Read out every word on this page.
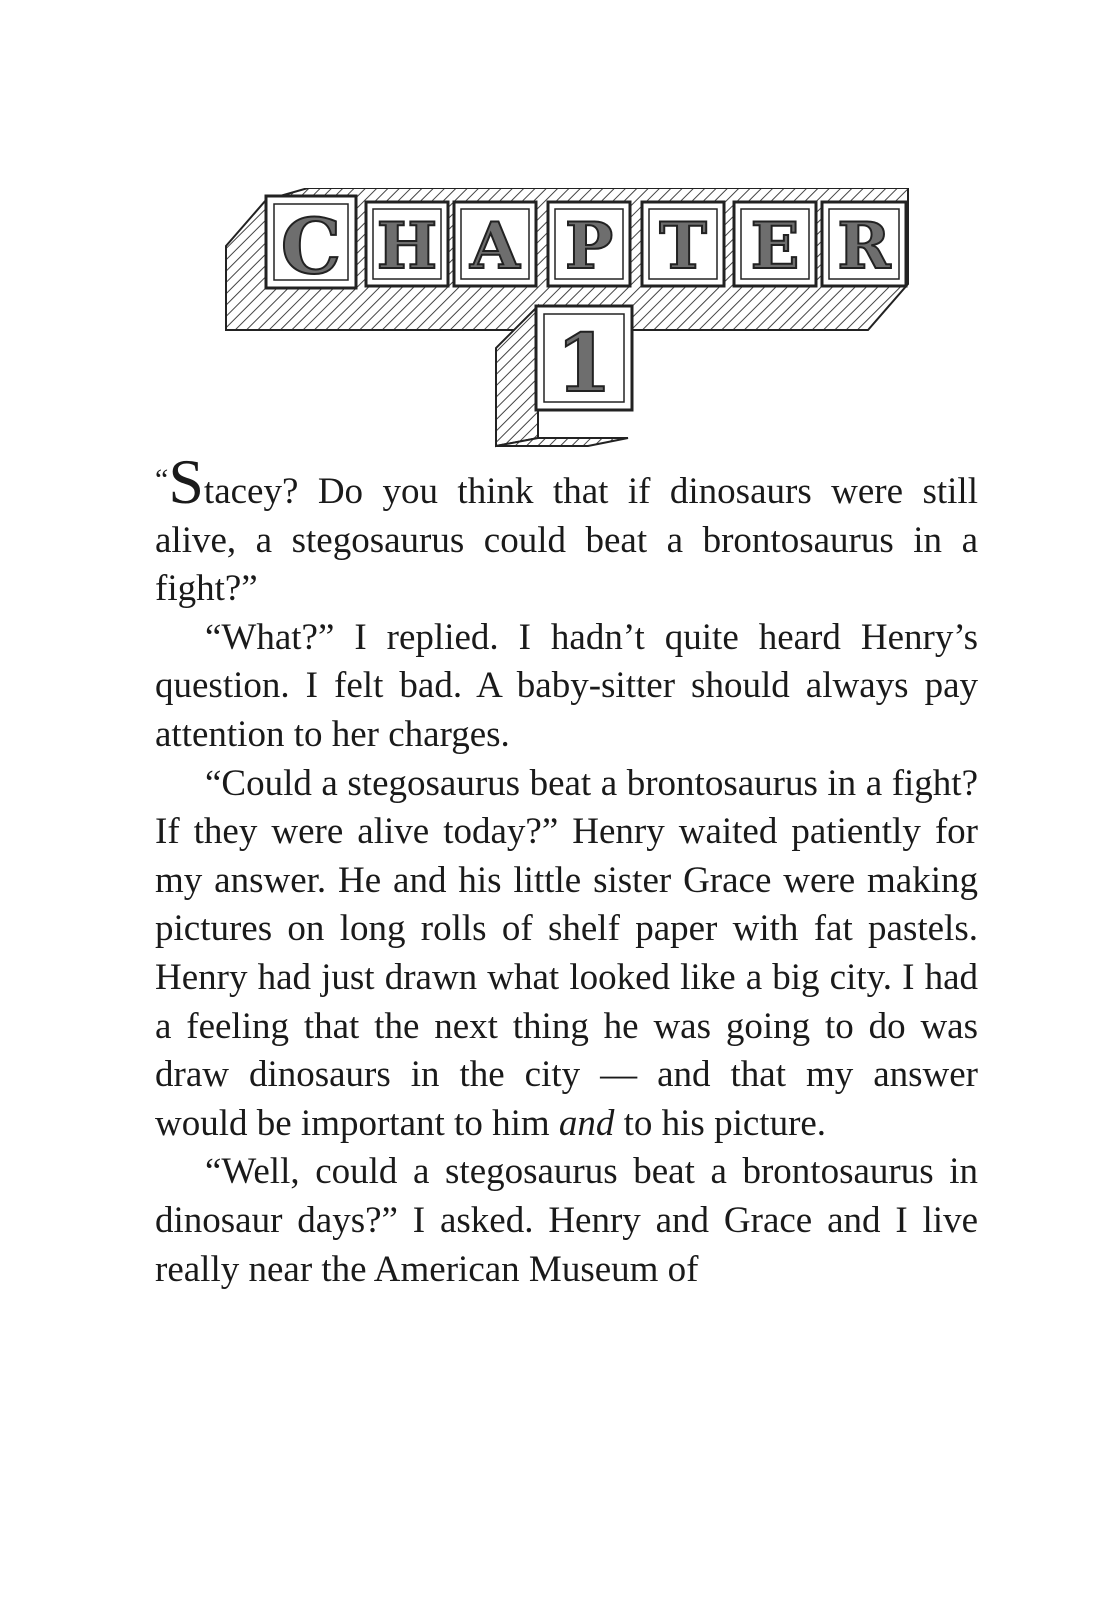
C H A P T E R
1

“Stacey? Do you think that if dinosaurs were still alive, a stegosaurus could beat a brontosaurus in a fight?”

“What?” I replied. I hadn’t quite heard Henry’s question. I felt bad. A baby-sitter should always pay attention to her charges.

“Could a stegosaurus beat a brontosaurus in a fight? If they were alive today?” Henry waited patiently for my answer. He and his little sister Grace were making pictures on long rolls of shelf paper with fat pastels. Henry had just drawn what looked like a big city. I had a feeling that the next thing he was going to do was draw dinosaurs in the city — and that my answer would be important to him and to his picture.

“Well, could a stegosaurus beat a brontosaurus in dinosaur days?” I asked. Henry and Grace and I live really near the American Museum of
